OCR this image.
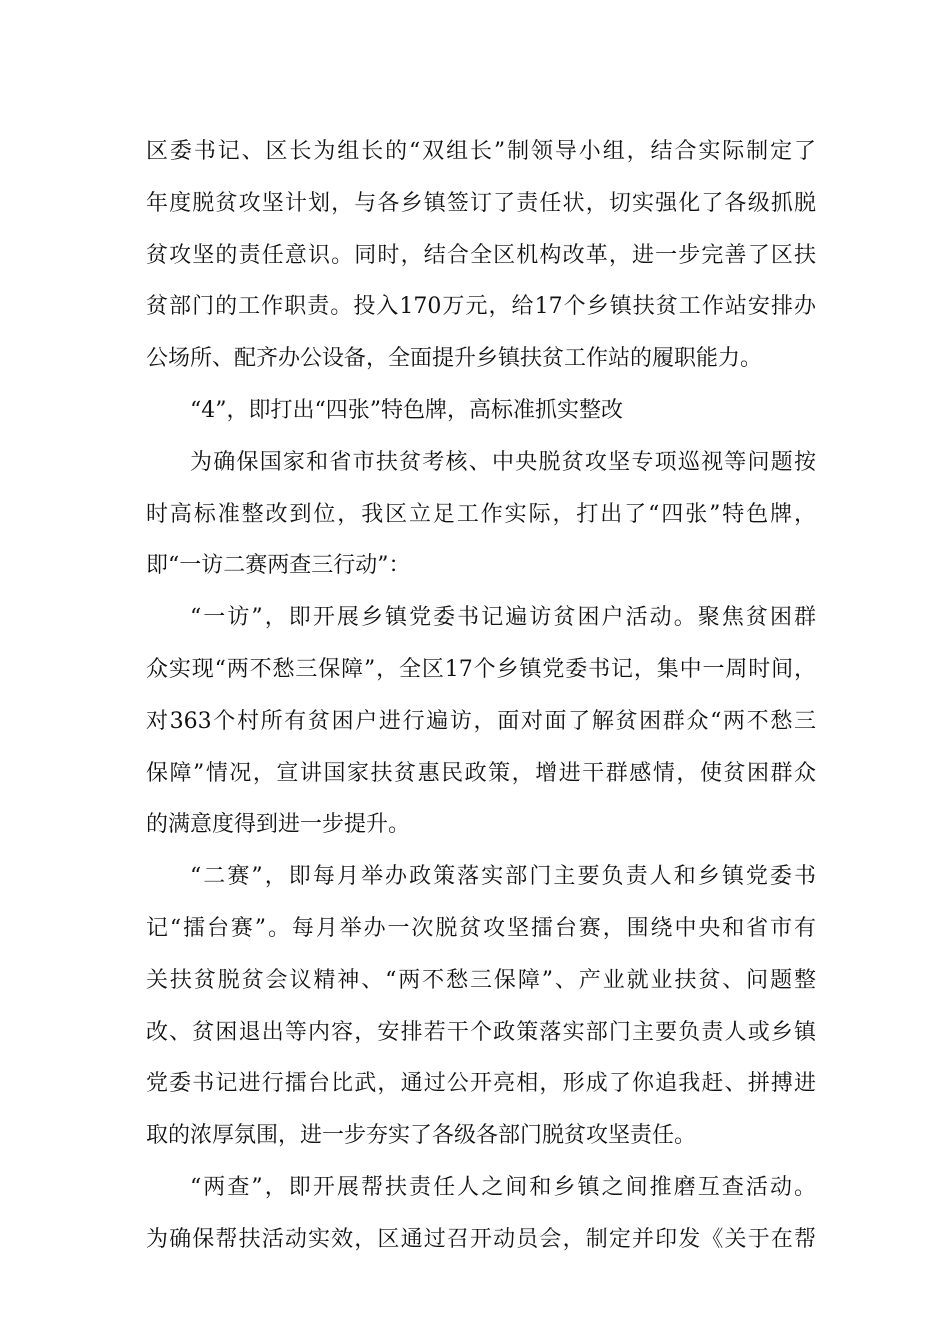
区委书记、区长为组长的“双组长”制领导小组，结合实际制定了
年度脱贫攻坚计划，与各乡镇签订了责任状，切实强化了各级抓脱
贫攻坚的责任意识。同时，结合全区机构改革，进一步完善了区扶
贫部门的工作职责。投入170万元，给17个乡镇扶贫工作站安排办
公场所、配齐办公设备，全面提升乡镇扶贫工作站的履职能力。
“4”，即打出“四张”特色牌，高标准抓实整改
为确保国家和省市扶贫考核、中央脱贫攻坚专项巡视等问题按
时高标准整改到位，我区立足工作实际，打出了“四张”特色牌，
即“一访二赛两查三行动”：
“一访”，即开展乡镇党委书记遍访贫困户活动。聚焦贫困群
众实现“两不愁三保障”，全区17个乡镇党委书记，集中一周时间，
对363个村所有贫困户进行遍访，面对面了解贫困群众“两不愁三
保障”情况，宣讲国家扶贫惠民政策，增进干群感情，使贫困群众
的满意度得到进一步提升。
“二赛”，即每月举办政策落实部门主要负责人和乡镇党委书
记“擂台赛”。每月举办一次脱贫攻坚擂台赛，围绕中央和省市有
关扶贫脱贫会议精神、“两不愁三保障”、产业就业扶贫、问题整
改、贫困退出等内容，安排若干个政策落实部门主要负责人或乡镇
党委书记进行擂台比武，通过公开亮相，形成了你追我赶、拼搏进
取的浓厚氛围，进一步夯实了各级各部门脱贫攻坚责任。
“两查”，即开展帮扶责任人之间和乡镇之间推磨互查活动。
为确保帮扶活动实效，区通过召开动员会，制定并印发《关于在帮
